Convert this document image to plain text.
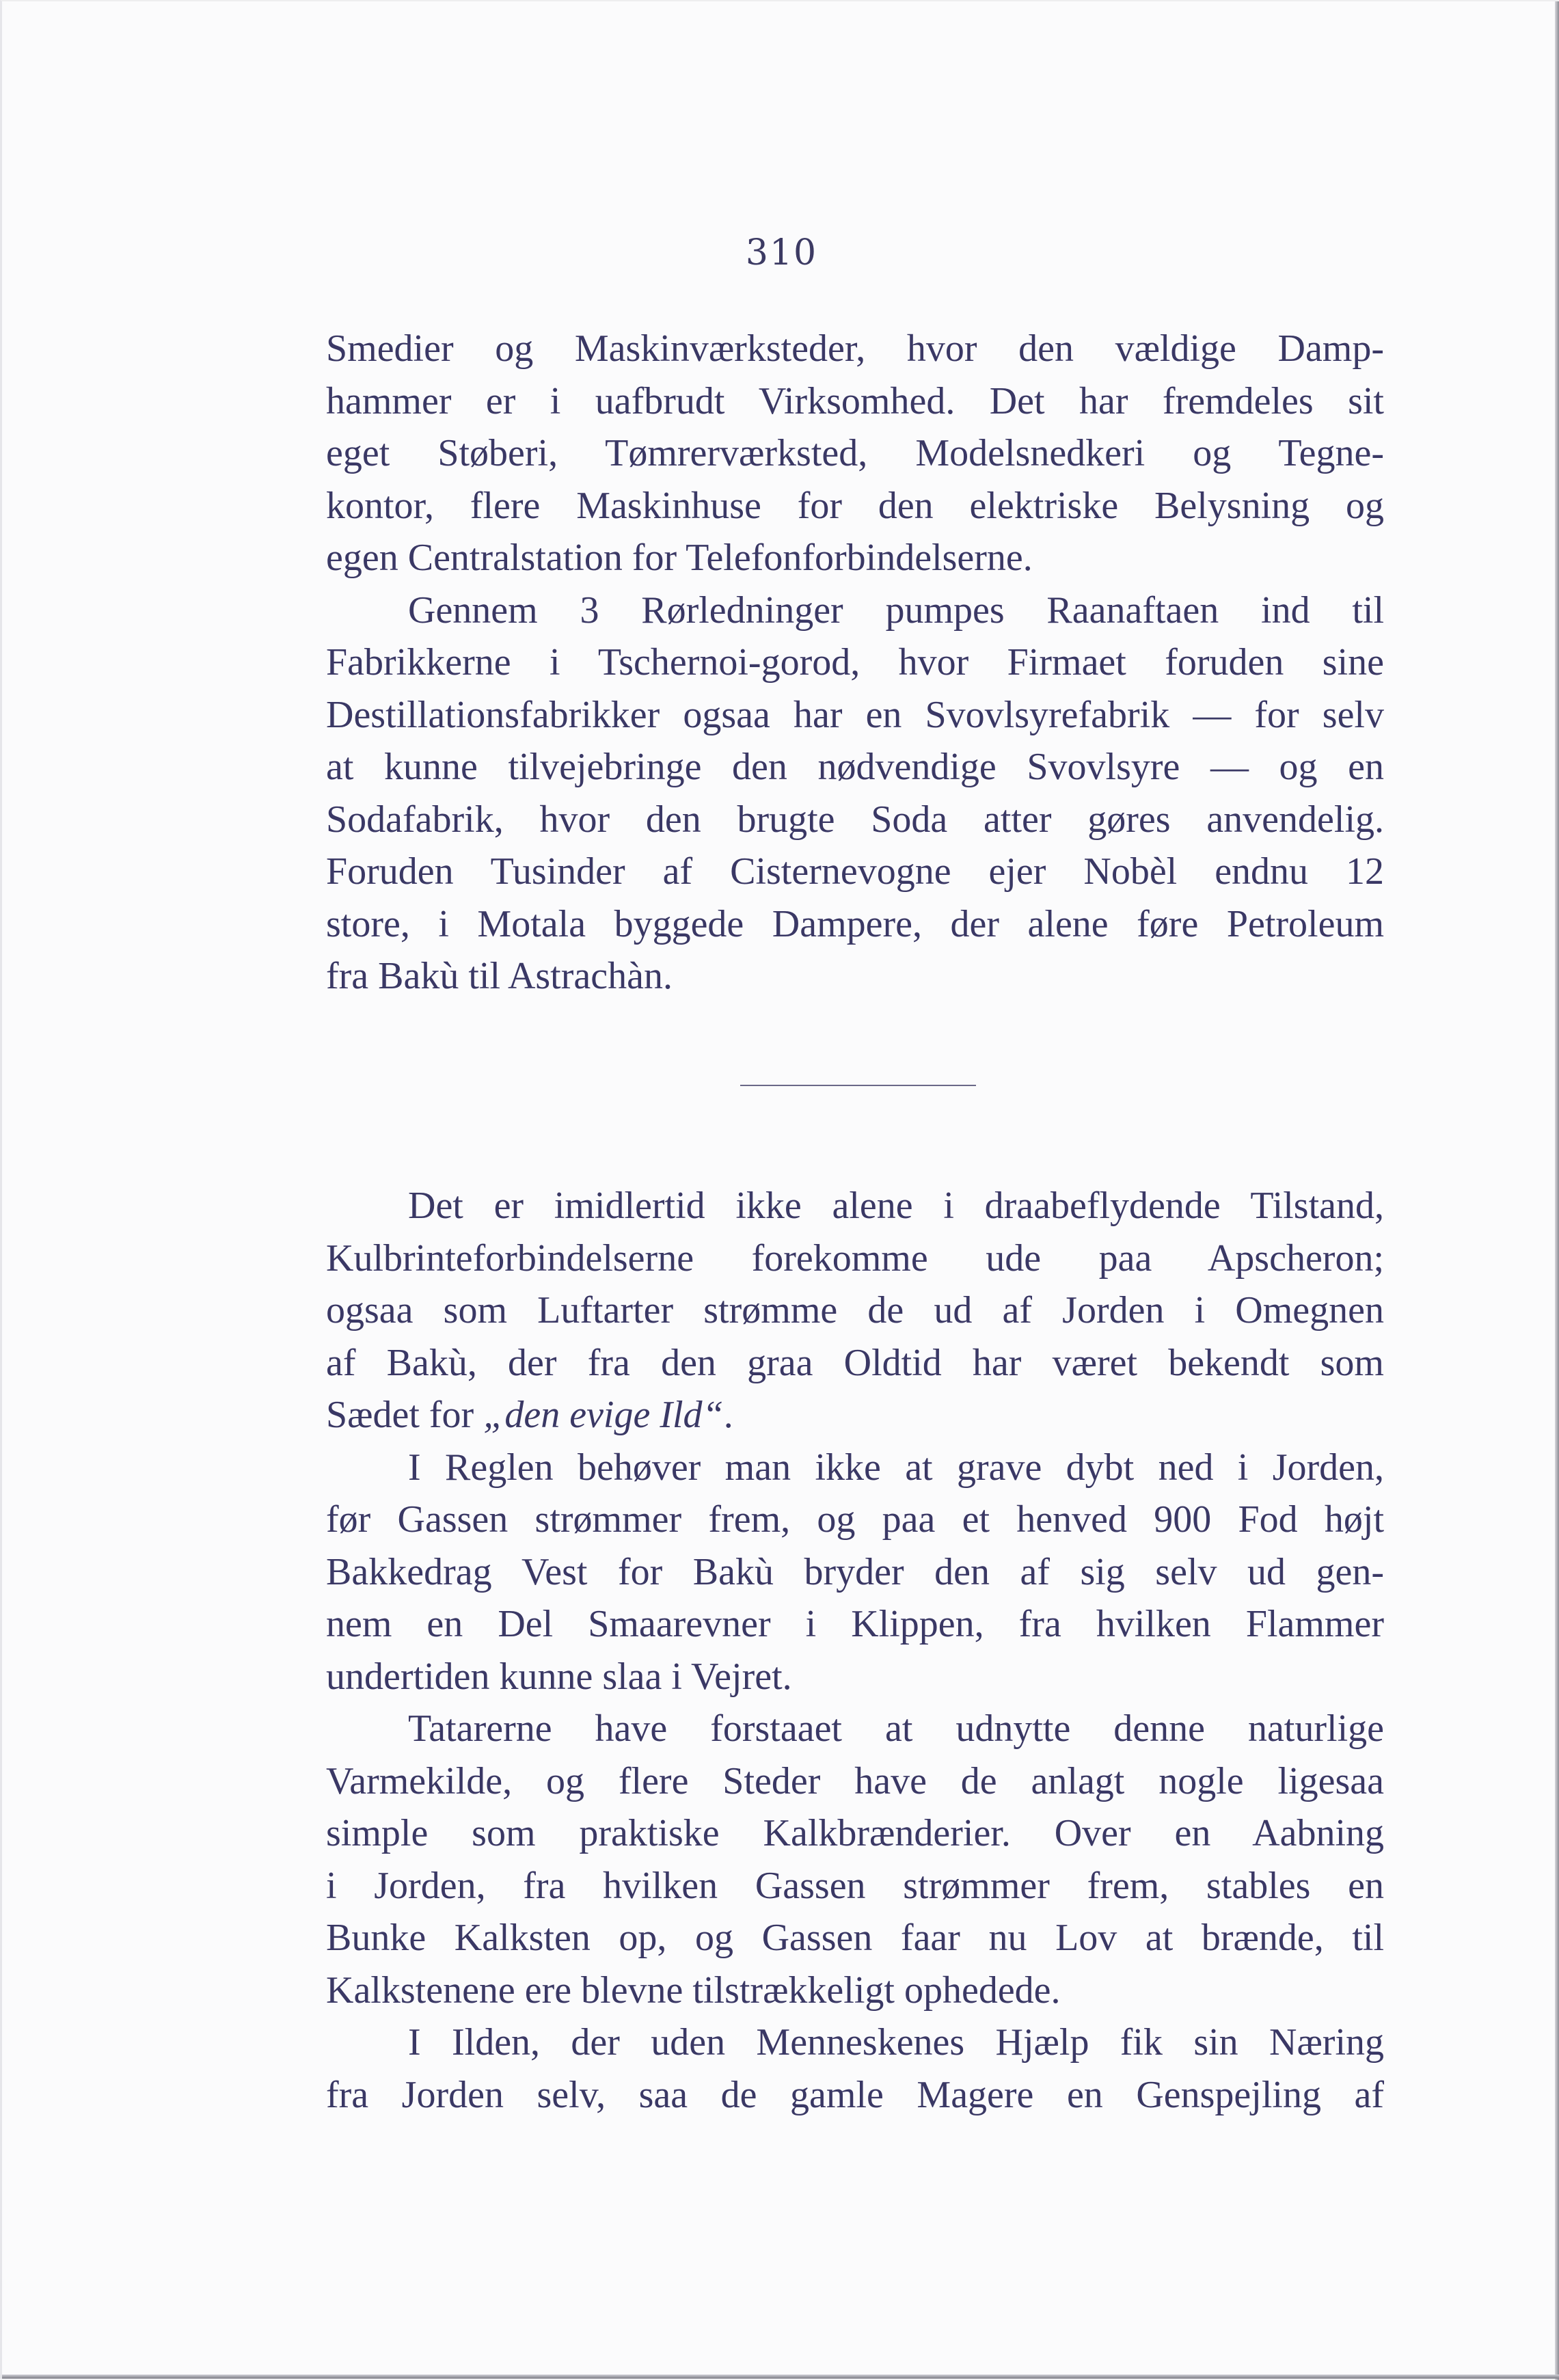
310
Smedier og Maskinværksteder, hvor den vældige Damp-
hammer er i uafbrudt Virksomhed. Det har fremdeles sit
eget Støberi, Tømrerværksted, Modelsnedkeri og Tegne-
kontor, flere Maskinhuse for den elektriske Belysning og
egen Centralstation for Telefonforbindelserne.
Gennem 3 Rørledninger pumpes Raanaftaen ind til
Fabrikkerne i Tschernoi-gorod, hvor Firmaet foruden sine
Destillationsfabrikker ogsaa har en Svovlsyrefabrik — for selv
at kunne tilvejebringe den nødvendige Svovlsyre — og en
Sodafabrik, hvor den brugte Soda atter gøres anvendelig.
Foruden Tusinder af Cisternevogne ejer Nobèl endnu 12
store, i Motala byggede Dampere, der alene føre Petroleum
fra Bakù til Astrachàn.
Det er imidlertid ikke alene i draabeflydende Tilstand,
Kulbrinteforbindelserne forekomme ude paa Apscheron;
ogsaa som Luftarter strømme de ud af Jorden i Omegnen
af Bakù, der fra den graa Oldtid har været bekendt som
Sædet for „den evige Ild“.
I Reglen behøver man ikke at grave dybt ned i Jorden,
før Gassen strømmer frem, og paa et henved 900 Fod højt
Bakkedrag Vest for Bakù bryder den af sig selv ud gen-
nem en Del Smaarevner i Klippen, fra hvilken Flammer
undertiden kunne slaa i Vejret.
Tatarerne have forstaaet at udnytte denne naturlige
Varmekilde, og flere Steder have de anlagt nogle ligesaa
simple som praktiske Kalkbrænderier. Over en Aabning
i Jorden, fra hvilken Gassen strømmer frem, stables en
Bunke Kalksten op, og Gassen faar nu Lov at brænde, til
Kalkstenene ere blevne tilstrækkeligt ophedede.
I Ilden, der uden Menneskenes Hjælp fik sin Næring
fra Jorden selv, saa de gamle Magere en Genspejling af
